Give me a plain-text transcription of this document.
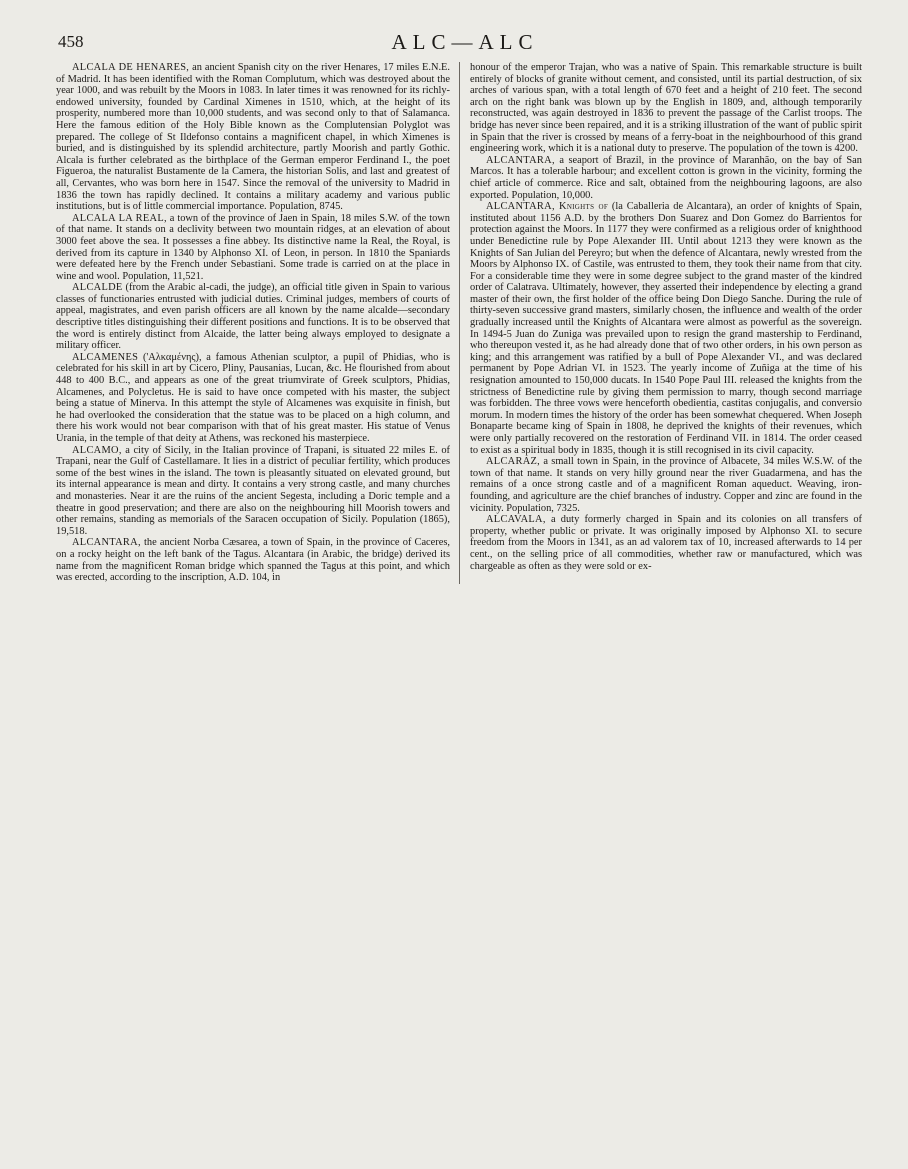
458	ALC—ALC

ALCALA DE HENARES, an ancient Spanish city on the river Henares, 17 miles E.N.E. of Madrid. It has been identified with the Roman Complutum, which was destroyed about the year 1000, and was rebuilt by the Moors in 1083. In later times it was renowned for its richly-endowed university, founded by Cardinal Ximenes in 1510, which, at the height of its prosperity, numbered more than 10,000 students, and was second only to that of Salamanca. Here the famous edition of the Holy Bible known as the Complutensian Polyglot was prepared. The college of St Ildefonso contains a magnificent chapel, in which Ximenes is buried, and is distinguished by its splendid architecture, partly Moorish and partly Gothic. Alcala is further celebrated as the birthplace of the German emperor Ferdinand I., the poet Figueroa, the naturalist Bustamente de la Camera, the historian Solis, and last and greatest of all, Cervantes, who was born here in 1547. Since the removal of the university to Madrid in 1836 the town has rapidly declined. It contains a military academy and various public institutions, but is of little commercial importance. Population, 8745.

ALCALA LA REAL, a town of the province of Jaen in Spain, 18 miles S.W. of the town of that name. It stands on a declivity between two mountain ridges, at an elevation of about 3000 feet above the sea. It possesses a fine abbey. Its distinctive name la Real, the Royal, is derived from its capture in 1340 by Alphonso XI. of Leon, in person. In 1810 the Spaniards were defeated here by the French under Sebastiani. Some trade is carried on at the place in wine and wool. Population, 11,521.

ALCALDE (from the Arabic al-cadi, the judge), an official title given in Spain to various classes of functionaries entrusted with judicial duties. Criminal judges, members of courts of appeal, magistrates, and even parish officers are all known by the name alcalde—secondary descriptive titles distinguishing their different positions and functions. It is to be observed that the word is entirely distinct from Alcaide, the latter being always employed to designate a military officer.

ALCAMENES ('Αλκαμένης), a famous Athenian sculptor, a pupil of Phidias, who is celebrated for his skill in art by Cicero, Pliny, Pausanias, Lucan, &c. He flourished from about 448 to 400 B.C., and appears as one of the great triumvirate of Greek sculptors, Phidias, Alcamenes, and Polycletus. He is said to have once competed with his master, the subject being a statue of Minerva. In this attempt the style of Alcamenes was exquisite in finish, but he had overlooked the consideration that the statue was to be placed on a high column, and there his work would not bear comparison with that of his great master. His statue of Venus Urania, in the temple of that deity at Athens, was reckoned his masterpiece.

ALCAMO, a city of Sicily, in the Italian province of Trapani, is situated 22 miles E. of Trapani, near the Gulf of Castellamare. It lies in a district of peculiar fertility, which produces some of the best wines in the island. The town is pleasantly situated on elevated ground, but its internal appearance is mean and dirty. It contains a very strong castle, and many churches and monasteries. Near it are the ruins of the ancient Segesta, including a Doric temple and a theatre in good preservation; and there are also on the neighbouring hill Moorish towers and other remains, standing as memorials of the Saracen occupation of Sicily. Population (1865), 19,518.

ALCANTARA, the ancient Norba Cæsarea, a town of Spain, in the province of Caceres, on a rocky height on the left bank of the Tagus. Alcantara (in Arabic, the bridge) derived its name from the magnificent Roman bridge which spanned the Tagus at this point, and which was erected, according to the inscription, A.D. 104, in

honour of the emperor Trajan, who was a native of Spain. This remarkable structure is built entirely of blocks of granite without cement, and consisted, until its partial destruction, of six arches of various span, with a total length of 670 feet and a height of 210 feet. The second arch on the right bank was blown up by the English in 1809, and, although temporarily reconstructed, was again destroyed in 1836 to prevent the passage of the Carlist troops. The bridge has never since been repaired, and it is a striking illustration of the want of public spirit in Spain that the river is crossed by means of a ferry-boat in the neighbourhood of this grand engineering work, which it is a national duty to preserve. The population of the town is 4200.

ALCANTARA, a seaport of Brazil, in the province of Maranhão, on the bay of San Marcos. It has a tolerable harbour; and excellent cotton is grown in the vicinity, forming the chief article of commerce. Rice and salt, obtained from the neighbouring lagoons, are also exported. Population, 10,000.

ALCANTARA, Knights of (la Caballeria de Alcantara), an order of knights of Spain, instituted about 1156 A.D. by the brothers Don Suarez and Don Gomez do Barrientos for protection against the Moors. In 1177 they were confirmed as a religious order of knighthood under Benedictine rule by Pope Alexander III. Until about 1213 they were known as the Knights of San Julian del Pereyro; but when the defence of Alcantara, newly wrested from the Moors by Alphonso IX. of Castile, was entrusted to them, they took their name from that city. For a considerable time they were in some degree subject to the grand master of the kindred order of Calatrava. Ultimately, however, they asserted their independence by electing a grand master of their own, the first holder of the office being Don Diego Sanche. During the rule of thirty-seven successive grand masters, similarly chosen, the influence and wealth of the order gradually increased until the Knights of Alcantara were almost as powerful as the sovereign. In 1494-5 Juan do Zuniga was prevailed upon to resign the grand mastership to Ferdinand, who thereupon vested it, as he had already done that of two other orders, in his own person as king; and this arrangement was ratified by a bull of Pope Alexander VI., and was declared permanent by Pope Adrian VI. in 1523. The yearly income of Zuñiga at the time of his resignation amounted to 150,000 ducats. In 1540 Pope Paul III. released the knights from the strictness of Benedictine rule by giving them permission to marry, though second marriage was forbidden. The three vows were henceforth obedientia, castitas conjugalis, and conversio morum. In modern times the history of the order has been somewhat chequered. When Joseph Bonaparte became king of Spain in 1808, he deprived the knights of their revenues, which were only partially recovered on the restoration of Ferdinand VII. in 1814. The order ceased to exist as a spiritual body in 1835, though it is still recognised in its civil capacity.

ALCARAZ, a small town in Spain, in the province of Albacete, 34 miles W.S.W. of the town of that name. It stands on very hilly ground near the river Guadarmena, and has the remains of a once strong castle and of a magnificent Roman aqueduct. Weaving, iron-founding, and agriculture are the chief branches of industry. Copper and zinc are found in the vicinity. Population, 7325.

ALCAVALA, a duty formerly charged in Spain and its colonies on all transfers of property, whether public or private. It was originally imposed by Alphonso XI. to secure freedom from the Moors in 1341, as an ad valorem tax of 10, increased afterwards to 14 per cent., on the selling price of all commodities, whether raw or manufactured, which was chargeable as often as they were sold or ex-
